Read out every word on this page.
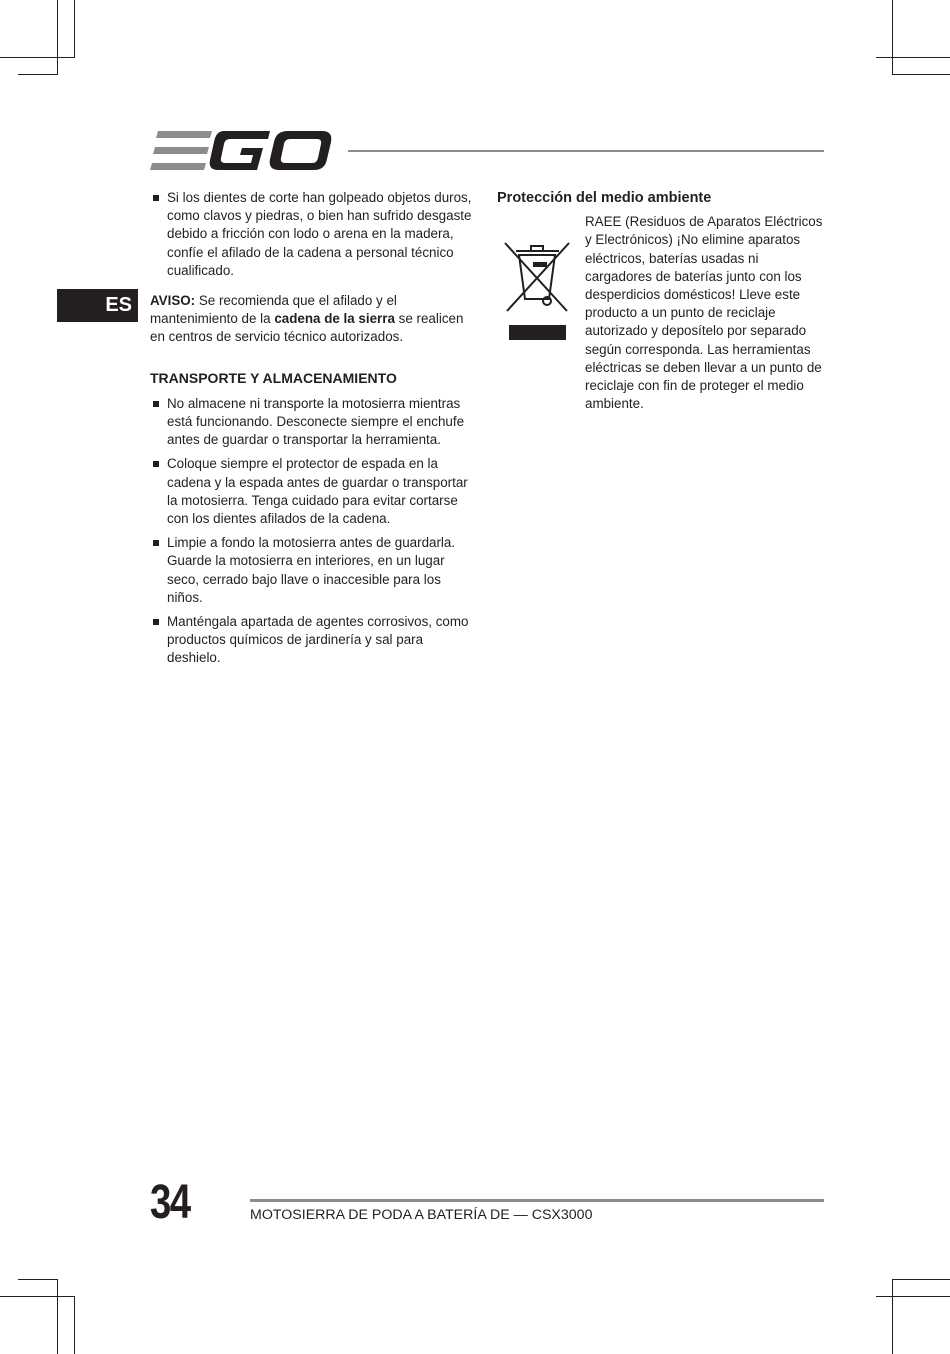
ES
Si los dientes de corte han golpeado objetos duros, como clavos y piedras, o bien han sufrido desgaste debido a fricción con lodo o arena en la madera, confíe el afilado de la cadena a personal técnico cualificado.

AVISO: Se recomienda que el afilado y el mantenimiento de la cadena de la sierra se realicen en centros de servicio técnico autorizados.

TRANSPORTE Y ALMACENAMIENTO
No almacene ni transporte la motosierra mientras está funcionando. Desconecte siempre el enchufe antes de guardar o transportar la herramienta.
Coloque siempre el protector de espada en la cadena y la espada antes de guardar o transportar la motosierra. Tenga cuidado para evitar cortarse con los dientes afilados de la cadena.
Limpie a fondo la motosierra antes de guardarla. Guarde la motosierra en interiores, en un lugar seco, cerrado bajo llave o inaccesible para los niños.
Manténgala apartada de agentes corrosivos, como productos químicos de jardinería y sal para deshielo.
Protección del medio ambiente
RAEE (Residuos de Aparatos Eléctricos y Electrónicos) ¡No elimine aparatos eléctricos, baterías usadas ni cargadores de baterías junto con los desperdicios domésticos! Lleve este producto a un punto de reciclaje autorizado y deposítelo por separado según corresponda. Las herramientas eléctricas se deben llevar a un punto de reciclaje con fin de proteger el medio ambiente.
34	MOTOSIERRA DE PODA A BATERÍA DE — CSX3000
